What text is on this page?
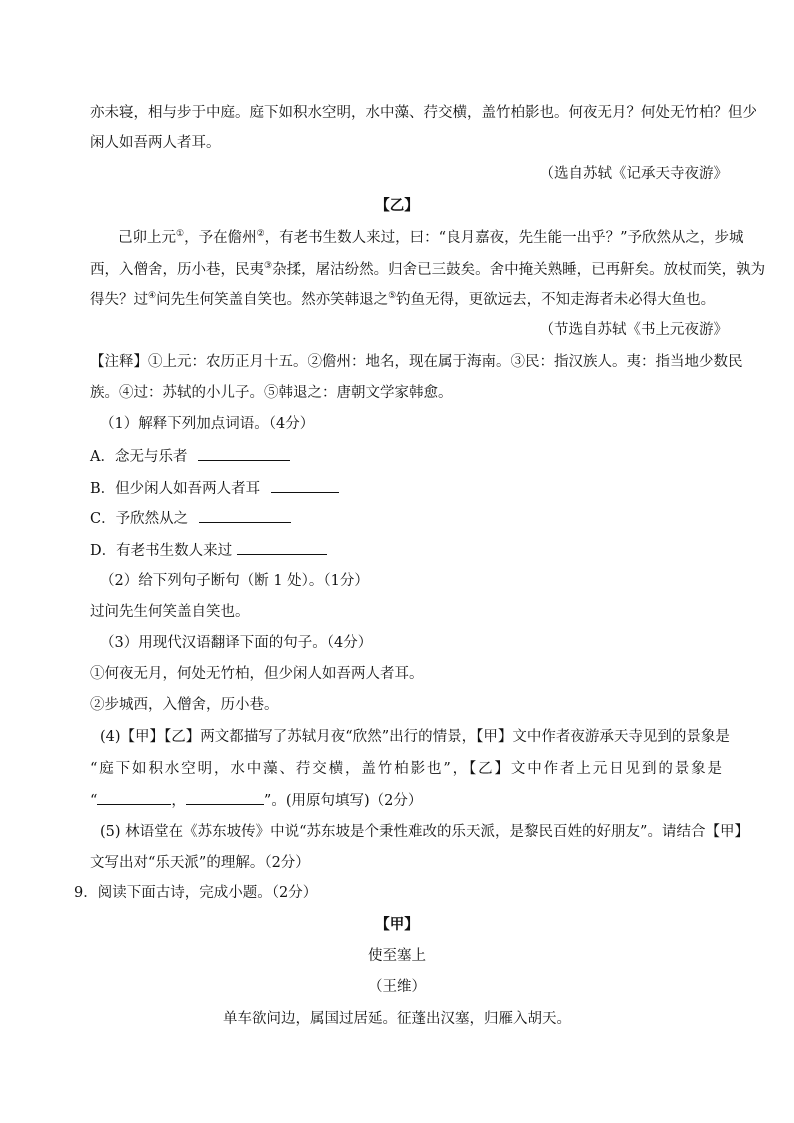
亦未寝，相与步于中庭。庭下如积水空明，水中藻、荇交横，盖竹柏影也。何夜无月？何处无竹柏？但少
闲人如吾两人者耳。
（选自苏轼《记承天寺夜游》
【乙】
己卯上元①，予在儋州②，有老书生数人来过，曰：“良月嘉夜，先生能一出乎？”予欣然从之，步城
西，入僧舍，历小巷，民夷③杂揉，屠沽纷然。归舍已三鼓矣。舍中掩关熟睡，已再鼾矣。放杖而笑，孰为
得失？过④问先生何笑盖自笑也。然亦笑韩退之⑤钓鱼无得，更欲远去，不知走海者未必得大鱼也。
（节选自苏轼《书上元夜游》
【注释】①上元：农历正月十五。②儋州：地名，现在属于海南。③民：指汉族人。夷：指当地少数民
族。④过：苏轼的小儿子。⑤韩退之：唐朝文学家韩愈。
（1）解释下列加点词语。（4分）
A．念无与乐者
B．但少闲人如吾两人者耳
C．予欣然从之
D．有老书生数人来过
（2）给下列句子断句（断 1 处）。（1分）
过问先生何笑盖自笑也。
（3）用现代汉语翻译下面的句子。（4分）
①何夜无月，何处无竹柏，但少闲人如吾两人者耳。
②步城西，入僧舍，历小巷。
(4)【甲】【乙】两文都描写了苏轼月夜“欣然”出行的情景，【甲】文中作者夜游承天寺见到的景象是
“庭下如积水空明，水中藻、荇交横，盖竹柏影也”，【乙】文中作者上元日见到的景象是
“	，	”。(用原句填写)（2分）
(5) 林语堂在《苏东坡传》中说“苏东坡是个秉性难改的乐天派，是黎民百姓的好朋友”。请结合【甲】
文写出对“乐天派”的理解。（2分）
9．阅读下面古诗，完成小题。（2分）
【甲】
使至塞上
（王维）
单车欲问边，属国过居延。征蓬出汉塞，归雁入胡天。
